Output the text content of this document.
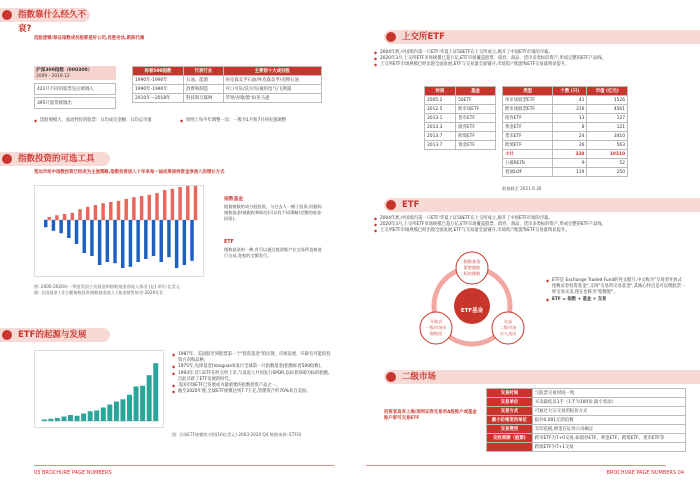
指数靠什么经久不衰?
选股逻辑/保证指数成份股都是好公司,优胜劣汰,新陈代谢
沪深300指数（000300）
2009 - 2019.12
421只不同的股票先后被调入
395只股票被调出
标普500指数	代表行业	主要前十大成份股
1990年-1990年	石油、能源	埃克森美孚石油/埃克森美孚/壳牌石油
1990年-1990年	消费和制造	可口可乐/沃尔玛/通用电气/飞利浦
2010年—2018年	科技和互联网	苹果/谷歌/脸书/亚马逊
◆ 选股规模大、流动性好的股票：日均成交金额、日均总市值	◆ 原则上每半年调整一次：一般为1月和7月初实施调整
指数投资的可选工具
宽达市场中指数投资已经成为主流策略,指数投资进入十年来每一届成果保持资金净流入的增长方式
图: 2000-2020年一季度美国主动基金和指数基金净流入情况 (亿) 单位:亿美元
源: 全国基金 (非主题指数投资指数基金流入 [基金销售协会:2020年])
指数基金
根据指数的成分股投资，与过去人一模子投资,但跟踪指数基金(被跟踪和标的)可以有不同策略(完整的基金投资)。
ETF
指数基金的一种,有可以通过股票帐户在交易所直接进行交易,宽松的全额发行。
ETF的起源与发展
◆ 1987年，美国股市到股票第一个"投资基金"的出现，市场发展、开辟有可能的投资方向和品种。
◆ 1975年,先锋基金(Vanguard)发行全球第一只指数基金(指数标普500指数)。
◆ 1993年,首只ETF在经交所上市,与发起人共同发行SPDR,以标普500为标的指数,自此开辟了ETF发展的时代。
◆ 美国市场ETF已发展成为最重要的指数投资产品之一。
◆ 截至2020年底,全球ETF规模达到7.7万亿,管理资产约70%来自美国。
图: 全球ETF规模变动图(10亿美元) 2003-2020 Q4 数据来源: ETFGI
03 BROCHURE PAGE NUMBERS
上交所ETF
◆ 2004年底,中国境内第一只ETF:华夏上证50ETF在上交所成立,揭开了中国ETF市场的序幕。
◆ 2020年3月,上交所ETF市场规模已超万亿,ETF市场覆盖股票、债券、商品、货币多类标的资产,形成完整的ETF产品线。
◆ 上交所ETF市场规模已经出现全面发展,ETF与交易量全面铺开,市场资产配置和ETF交易量明显提升。
时间	基金
2005.2	50ETF
2012.5	跨市场ETF
2013.1	货币ETF
2013.3	债券ETF
2013.7	跨境ETF
2013.7	黄金ETF
类型	个数 (只)	市值 (亿元)
单市场股票ETF	41	1526
跨市场股票ETF	216	4561
债券ETF	13	127
黄金ETF	8	121
货币ETF	24	3410
跨境ETF	26	563
小计	328	10310
公募REITs	9	52
普通LOF	119	250
数据截至 2021.6.30
ETF
◆ 2004年底,中国境内第一只ETF:华夏上证50ETF在上交所成立,揭开了中国ETF市场的序幕。
◆ 2020年3月,上交所ETF市场规模已超万亿,ETF市场覆盖股票、债券、商品、货币多类标的资产,形成完整的ETF产品线。
◆ 上交所ETF市场规模已经出现全面发展,ETF与交易量全面铺开,市场资产配置和ETF交易量明显提升。
ETF基金
指数基金
紧密跟踪
标的指数
开放式
一级市场申
购赎回
交易
二级市场
买入卖出
◆ ETF是 Exchange Traded Fund的英文缩写,中文称为"交易型开放式指数证券投资基金",又叫"交易所交易基金",其核心特点是可以像股票一样交易买卖,现在也称为"指数股"。
◆ ETF = 指数 + 基金 + 交易
二级市场
投资者具有上海/深圳证券交易所A股账户或基金账户即可交易ETF
交易时间	与股票交易时间一致
交易单位	买卖最低以1手（1手为100份,最小变动）
交易方式	可通过大宗交易的报价方式
最小价格变动单位	报价0.001元的倍数
交易费用	无印花税,佣金在证券公司确定
交收周期（股票)	跨市ETF为T+0交易,如债券ETF、黄金ETF、跨境ETF、货币ETF等
	跨境ETF为T+1交易
BROCHURE PAGE NUMBERS 04
